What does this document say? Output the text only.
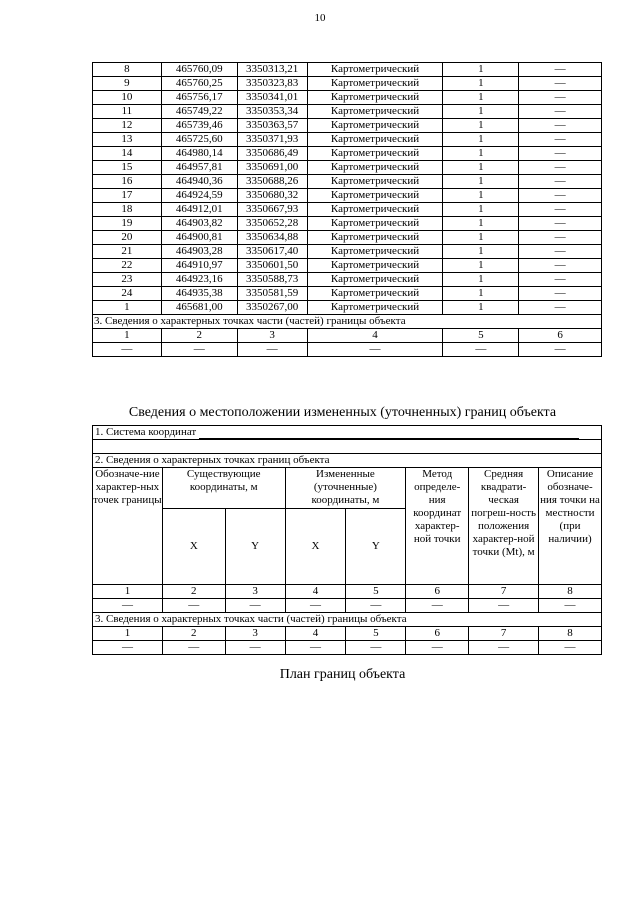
10
8	465760,09	3350313,21	Картометрический	1	—
9	465760,25	3350323,83	Картометрический	1	—
10	465756,17	3350341,01	Картометрический	1	—
11	465749,22	3350353,34	Картометрический	1	—
12	465739,46	3350363,57	Картометрический	1	—
13	465725,60	3350371,93	Картометрический	1	—
14	464980,14	3350686,49	Картометрический	1	—
15	464957,81	3350691,00	Картометрический	1	—
16	464940,36	3350688,26	Картометрический	1	—
17	464924,59	3350680,32	Картометрический	1	—
18	464912,01	3350667,93	Картометрический	1	—
19	464903,82	3350652,28	Картометрический	1	—
20	464900,81	3350634,88	Картометрический	1	—
21	464903,28	3350617,40	Картометрический	1	—
22	464910,97	3350601,50	Картометрический	1	—
23	464923,16	3350588,73	Картометрический	1	—
24	464935,38	3350581,59	Картометрический	1	—
1	465681,00	3350267,00	Картометрический	1	—
3. Сведения о характерных точках части (частей) границы объекта					
1	2	3	4	5	6
—	—	—	—	—	—
Сведения о местоположении измененных (уточненных) границ объекта
1. Система координат							

2. Сведения о характерных точках границ объекта							
Обозначе-ние характер-ных точек границы	Существующие координаты, м		Измененные (уточненные) координаты, м		Метод определе-ния координат характер-ной точки	Средняя квадрати-ческая погреш-ность положения характер-ной точки (Mt), м	Описание обозначе-ния точки на местности (при наличии)
	X	Y	X	Y			
1	2	3	4	5	6	7	8
—	—	—	—	—	—	—	—
3. Сведения о характерных точках части (частей) границы объекта							
1	2	3	4	5	6	7	8
—	—	—	—	—	—	—	—
План границ объекта
